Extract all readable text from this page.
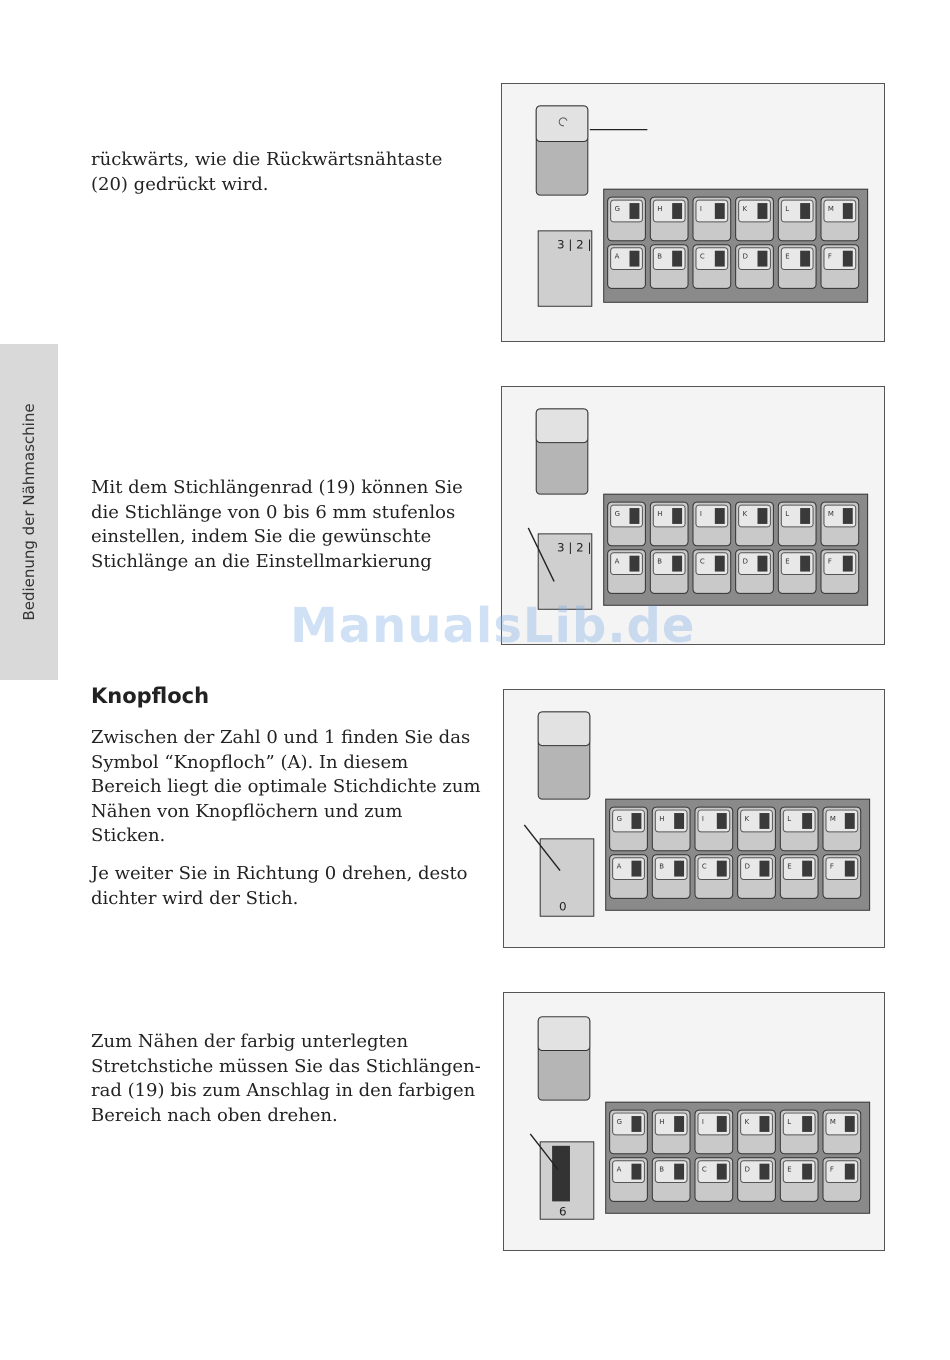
Bedienung der Nähmaschine

rückwärts, wie die Rückwärtsnähtaste (20) gedrückt wird.

Mit dem Stichlängenrad (19) können Sie die Stichlänge von 0 bis 6 mm stufenlos einstellen, indem Sie die gewünschte Stichlänge an die Einstellmarkierung

Knopfloch

Zwischen der Zahl 0 und 1 finden Sie das Symbol “Knopfloch” (A). In diesem Bereich liegt die optimale Stichdichte zum Nähen von Knopflöchern und zum Sticken.

Je weiter Sie in Richtung 0 drehen, desto dichter wird der Stich.

Zum Nähen der farbig unterlegten Stretchstiche müssen Sie das Stichlängen-rad (19) bis zum Anschlag in den farbigen Bereich nach oben drehen.

3 | 2 |
G	H	I	K	L	M
A	B	C	D	E	F
3 | 2 |
G	H	I	K	L	M
A	B	C	D	E	F
0
G	H	I	K	L	M
A	B	C	D	E	F
6
G	H	I	K	L	M
A	B	C	D	E	F
ManualsLib.de
